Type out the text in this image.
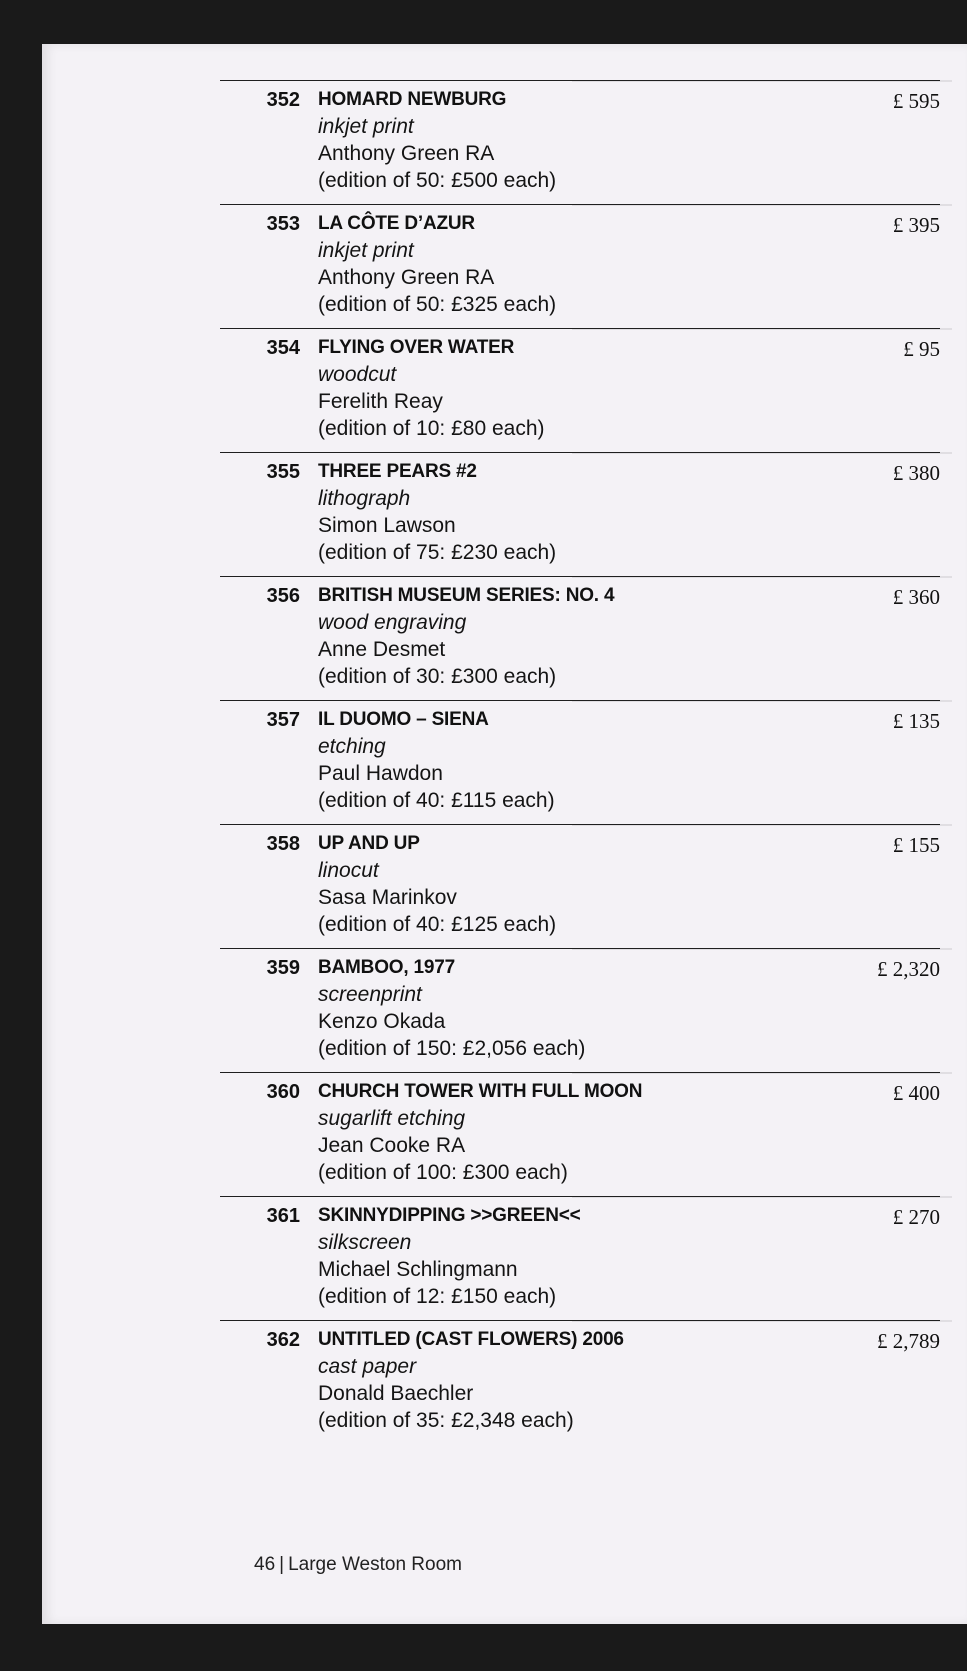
352 HOMARD NEWBURG
inkjet print
Anthony Green RA
(edition of 50: £500 each)
£ 595
353 LA CÔTE D’AZUR
inkjet print
Anthony Green RA
(edition of 50: £325 each)
£ 395
354 FLYING OVER WATER
woodcut
Ferelith Reay
(edition of 10: £80 each)
£ 95
355 THREE PEARS #2
lithograph
Simon Lawson
(edition of 75: £230 each)
£ 380
356 BRITISH MUSEUM SERIES: NO. 4
wood engraving
Anne Desmet
(edition of 30: £300 each)
£ 360
357 IL DUOMO – SIENA
etching
Paul Hawdon
(edition of 40: £115 each)
£ 135
358 UP AND UP
linocut
Sasa Marinkov
(edition of 40: £125 each)
£ 155
359 BAMBOO, 1977
screenprint
Kenzo Okada
(edition of 150: £2,056 each)
£ 2,320
360 CHURCH TOWER WITH FULL MOON
sugarlift etching
Jean Cooke RA
(edition of 100: £300 each)
£ 400
361 SKINNYDIPPING >>GREEN<<
silkscreen
Michael Schlingmann
(edition of 12: £150 each)
£ 270
362 UNTITLED (CAST FLOWERS) 2006
cast paper
Donald Baechler
(edition of 35: £2,348 each)
£ 2,789
46 | Large Weston Room
